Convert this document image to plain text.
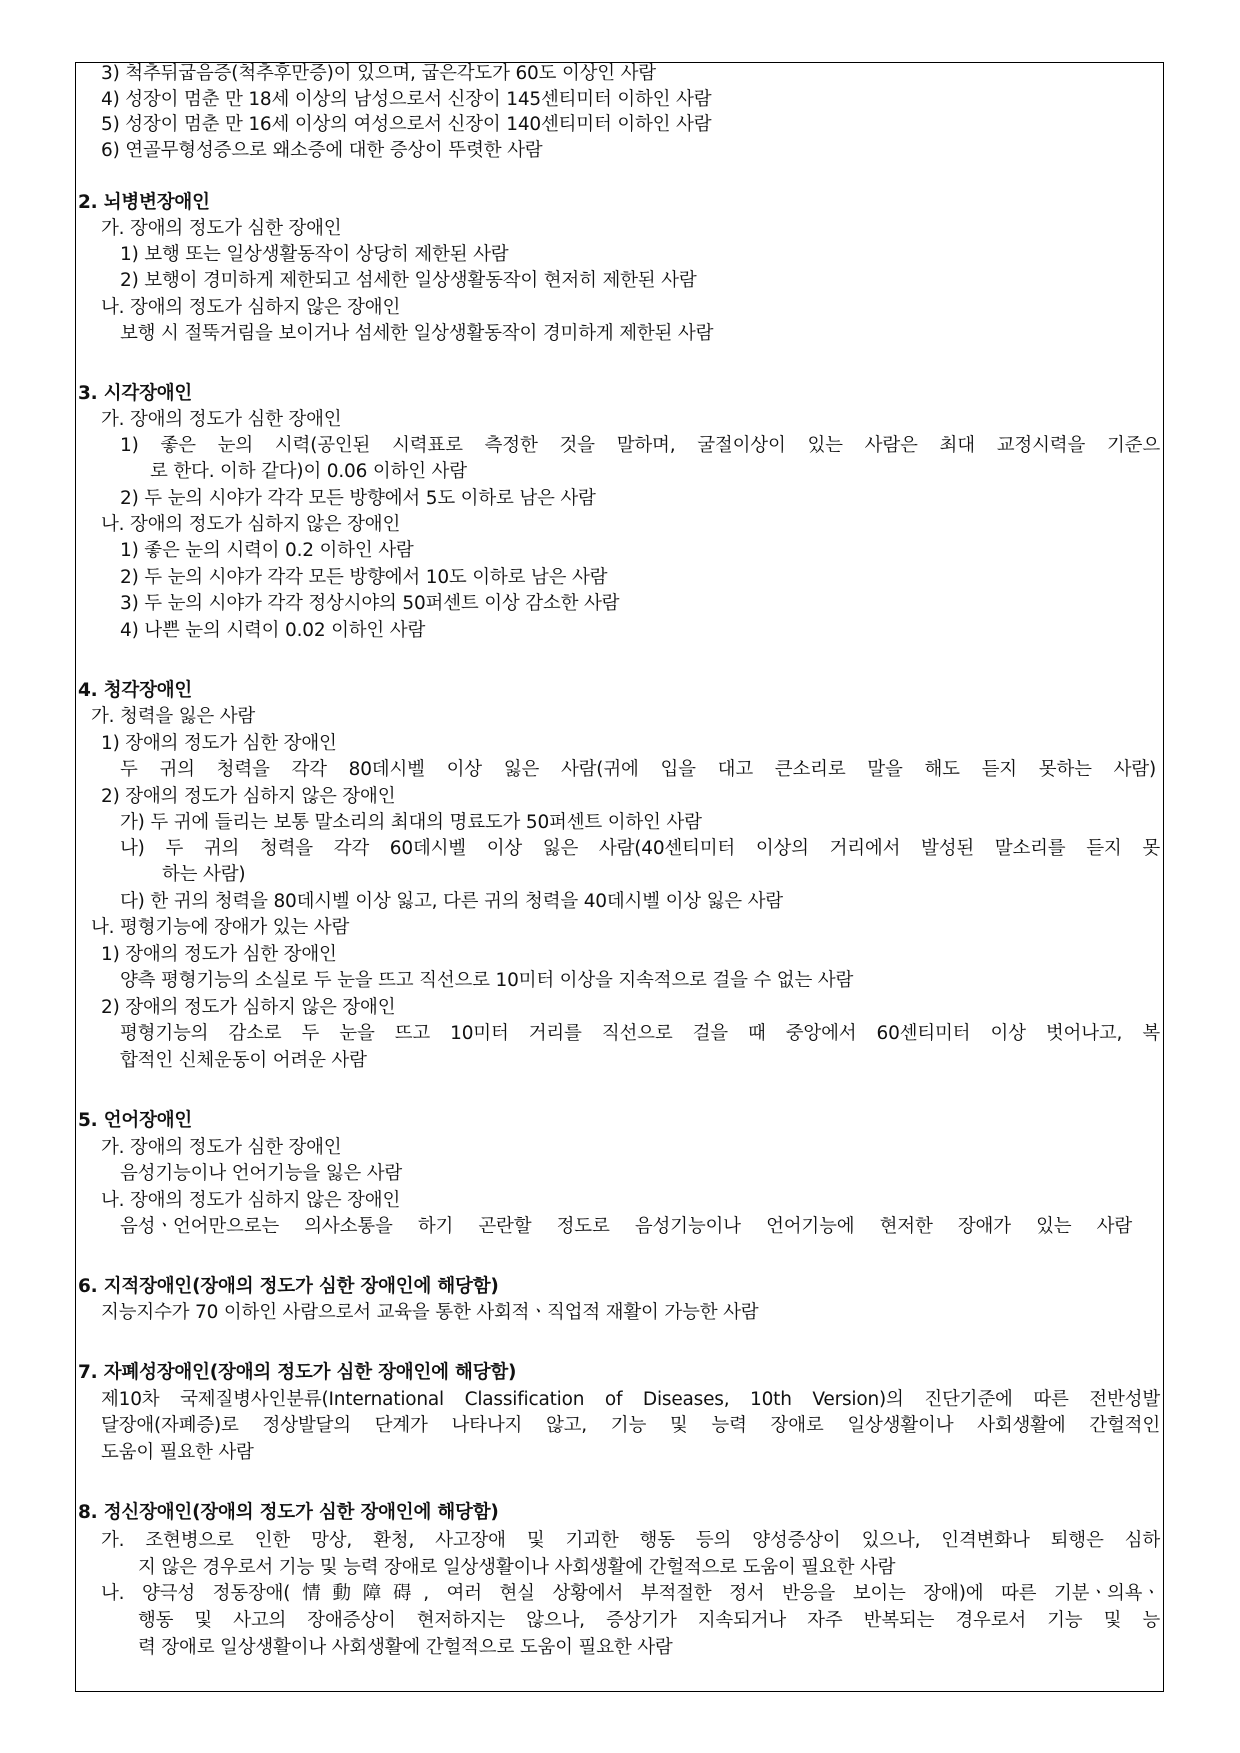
3) 척추뒤굽음증(척추후만증)이 있으며, 굽은각도가 60도 이상인 사람
4) 성장이 멈춘 만 18세 이상의 남성으로서 신장이 145센티미터 이하인 사람
5) 성장이 멈춘 만 16세 이상의 여성으로서 신장이 140센티미터 이하인 사람
6) 연골무형성증으로 왜소증에 대한 증상이 뚜렷한 사람
2. 뇌병변장애인
가. 장애의 정도가 심한 장애인
1) 보행 또는 일상생활동작이 상당히 제한된 사람
2) 보행이 경미하게 제한되고 섬세한 일상생활동작이 현저히 제한된 사람
나. 장애의 정도가 심하지 않은 장애인
보행 시 절뚝거림을 보이거나 섬세한 일상생활동작이 경미하게 제한된 사람
3. 시각장애인
가. 장애의 정도가 심한 장애인
1) 좋은 눈의 시력(공인된 시력표로 측정한 것을 말하며, 굴절이상이 있는 사람은 최대 교정시력을 기준으
로 한다. 이하 같다)이 0.06 이하인 사람
2) 두 눈의 시야가 각각 모든 방향에서 5도 이하로 남은 사람
나. 장애의 정도가 심하지 않은 장애인
1) 좋은 눈의 시력이 0.2 이하인 사람
2) 두 눈의 시야가 각각 모든 방향에서 10도 이하로 남은 사람
3) 두 눈의 시야가 각각 정상시야의 50퍼센트 이상 감소한 사람
4) 나쁜 눈의 시력이 0.02 이하인 사람
4. 청각장애인
가. 청력을 잃은 사람
1) 장애의 정도가 심한 장애인
두 귀의 청력을 각각 80데시벨 이상 잃은 사람(귀에 입을 대고 큰소리로 말을 해도 듣지 못하는 사람)
2) 장애의 정도가 심하지 않은 장애인
가) 두 귀에 들리는 보통 말소리의 최대의 명료도가 50퍼센트 이하인 사람
나) 두 귀의 청력을 각각 60데시벨 이상 잃은 사람(40센티미터 이상의 거리에서 발성된 말소리를 듣지 못
하는 사람)
다) 한 귀의 청력을 80데시벨 이상 잃고, 다른 귀의 청력을 40데시벨 이상 잃은 사람
나. 평형기능에 장애가 있는 사람
1) 장애의 정도가 심한 장애인
양측 평형기능의 소실로 두 눈을 뜨고 직선으로 10미터 이상을 지속적으로 걸을 수 없는 사람
2) 장애의 정도가 심하지 않은 장애인
평형기능의 감소로 두 눈을 뜨고 10미터 거리를 직선으로 걸을 때 중앙에서 60센티미터 이상 벗어나고, 복
합적인 신체운동이 어려운 사람
5. 언어장애인
가. 장애의 정도가 심한 장애인
음성기능이나 언어기능을 잃은 사람
나. 장애의 정도가 심하지 않은 장애인
음성ㆍ언어만으로는 의사소통을 하기 곤란할 정도로 음성기능이나 언어기능에 현저한 장애가 있는 사람
6. 지적장애인(장애의 정도가 심한 장애인에 해당함)
지능지수가 70 이하인 사람으로서 교육을 통한 사회적ㆍ직업적 재활이 가능한 사람
7. 자폐성장애인(장애의 정도가 심한 장애인에 해당함)
제10차 국제질병사인분류(International Classification of Diseases, 10th Version)의 진단기준에 따른 전반성발
달장애(자폐증)로 정상발달의 단계가 나타나지 않고, 기능 및 능력 장애로 일상생활이나 사회생활에 간헐적인
도움이 필요한 사람
8. 정신장애인(장애의 정도가 심한 장애인에 해당함)
가. 조현병으로 인한 망상, 환청, 사고장애 및 기괴한 행동 등의 양성증상이 있으나, 인격변화나 퇴행은 심하
지 않은 경우로서 기능 및 능력 장애로 일상생활이나 사회생활에 간헐적으로 도움이 필요한 사람
나. 양극성 정동장애(情動障碍, 여러 현실 상황에서 부적절한 정서 반응을 보이는 장애)에 따른 기분ㆍ의욕ㆍ
행동 및 사고의 장애증상이 현저하지는 않으나, 증상기가 지속되거나 자주 반복되는 경우로서 기능 및 능
력 장애로 일상생활이나 사회생활에 간헐적으로 도움이 필요한 사람
